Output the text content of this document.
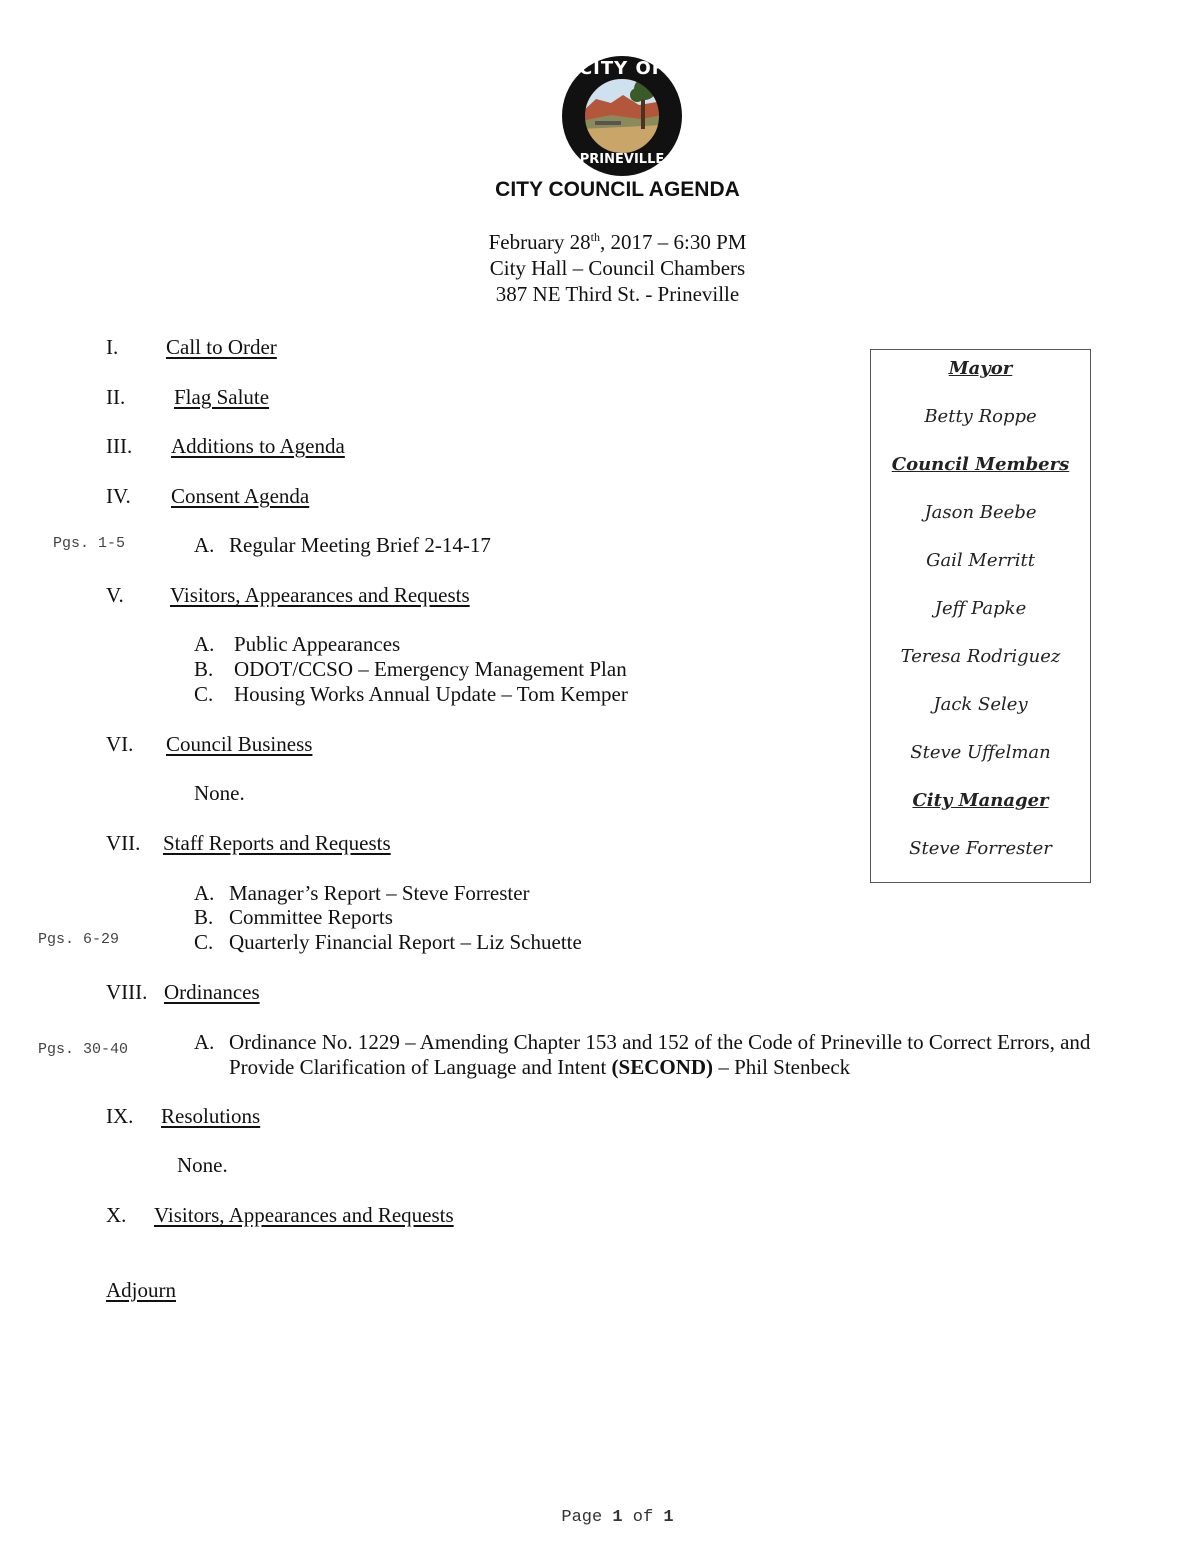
CITY OF
PRINEVILLE
CITY COUNCIL AGENDA
February 28th, 2017 – 6:30 PM
City Hall – Council Chambers
387 NE Third St. - Prineville
I. Call to Order
II. Flag Salute
III. Additions to Agenda
IV. Consent Agenda
Pgs. 1-5	A. Regular Meeting Brief 2-14-17
V. Visitors, Appearances and Requests
A. Public Appearances
B. ODOT/CCSO – Emergency Management Plan
C. Housing Works Annual Update – Tom Kemper
VI. Council Business
None.
VII. Staff Reports and Requests
A. Manager’s Report – Steve Forrester
B. Committee Reports
Pgs. 6-29	C. Quarterly Financial Report – Liz Schuette
VIII. Ordinances
Pgs. 30-40	A. Ordinance No. 1229 – Amending Chapter 153 and 152 of the Code of Prineville to Correct Errors, and
Provide Clarification of Language and Intent (SECOND) – Phil Stenbeck
IX. Resolutions
None.
X. Visitors, Appearances and Requests
Adjourn
Mayor
Betty Roppe
Council Members
Jason Beebe
Gail Merritt
Jeff Papke
Teresa Rodriguez
Jack Seley
Steve Uffelman
City Manager
Steve Forrester
Page 1 of 1
